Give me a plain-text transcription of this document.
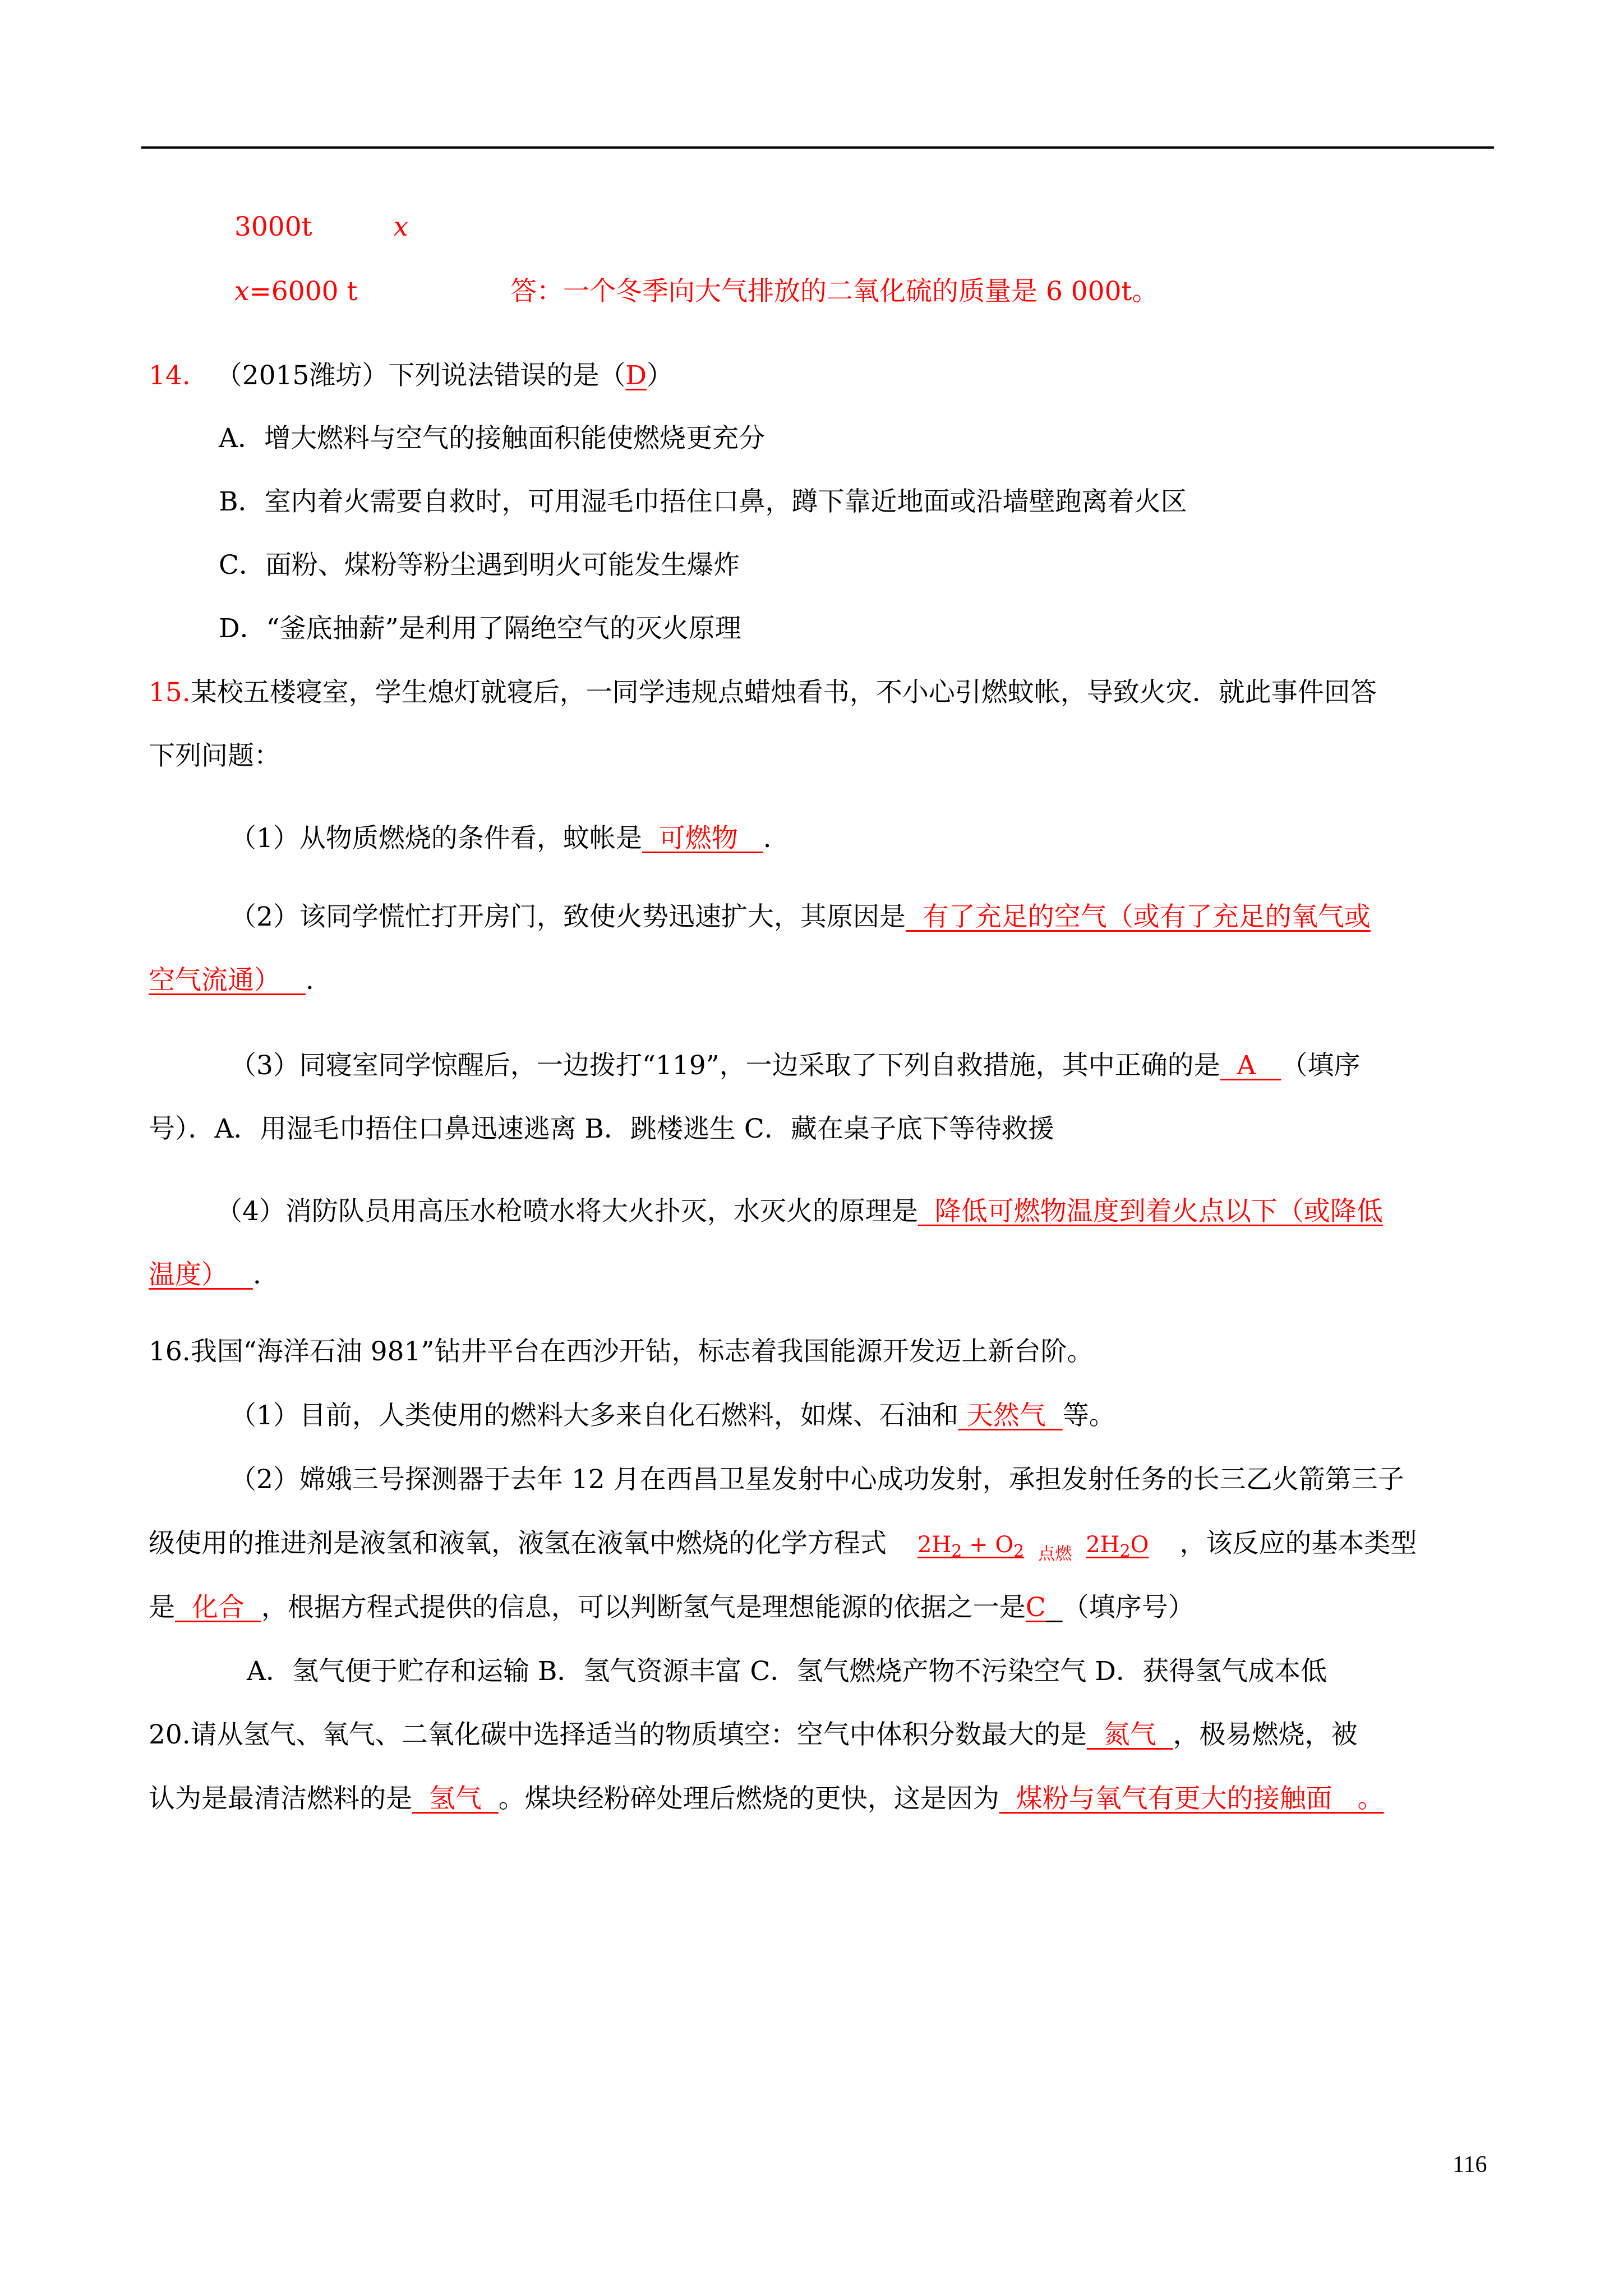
3000t	x
x=6000 t	答：一个冬季向大气排放的二氧化硫的质量是 6 000t。
14. （2015潍坊）下列说法错误的是（D）
A．增大燃料与空气的接触面积能使燃烧更充分
B．室内着火需要自救时，可用湿毛巾捂住口鼻，蹲下靠近地面或沿墙壁跑离着火区
C．面粉、煤粉等粉尘遇到明火可能发生爆炸
D．“釜底抽薪”是利用了隔绝空气的灭火原理
15.某校五楼寝室，学生熄灯就寝后，一同学违规点蜡烛看书，不小心引燃蚊帐，导致火灾．就此事件回答
下列问题：
（1）从物质燃烧的条件看，蚊帐是  可燃物   .
（2）该同学慌忙打开房门，致使火势迅速扩大，其原因是  有了充足的空气（或有了充足的氧气或
空气流通）   .
（3）同寝室同学惊醒后，一边拨打“119”，一边采取了下列自救措施，其中正确的是  A   （填序
号）．A．用湿毛巾捂住口鼻迅速逃离 B．跳楼逃生 C．藏在桌子底下等待救援
（4）消防队员用高压水枪喷水将大火扑灭，水灭火的原理是  降低可燃物温度到着火点以下（或降低
温度）   .
16.我国“海洋石油 981”钻井平台在西沙开钻，标志着我国能源开发迈上新台阶。
（1）目前，人类使用的燃料大多来自化石燃料，如煤、石油和 天然气  等。
（2）嫦娥三号探测器于去年 12 月在西昌卫星发射中心成功发射，承担发射任务的长三乙火箭第三子
级使用的推进剂是液氢和液氧，液氢在液氧中燃烧的化学方程式 $2H_2 + O_2$ 点燃 $2H_2O$ ，该反应的基本类型
是  化合  ，根据方程式提供的信息，可以判断氢气是理想能源的依据之一是C （填序号）
A．氢气便于贮存和运输 B．氢气资源丰富 C．氢气燃烧产物不污染空气 D．获得氢气成本低
20.请从氢气、氧气、二氧化碳中选择适当的物质填空：空气中体积分数最大的是  氮气  ，极易燃烧，被
认为是最清洁燃料的是  氢气  。煤块经粉碎处理后燃烧的更快，这是因为  煤粉与氧气有更大的接触面   。
116
